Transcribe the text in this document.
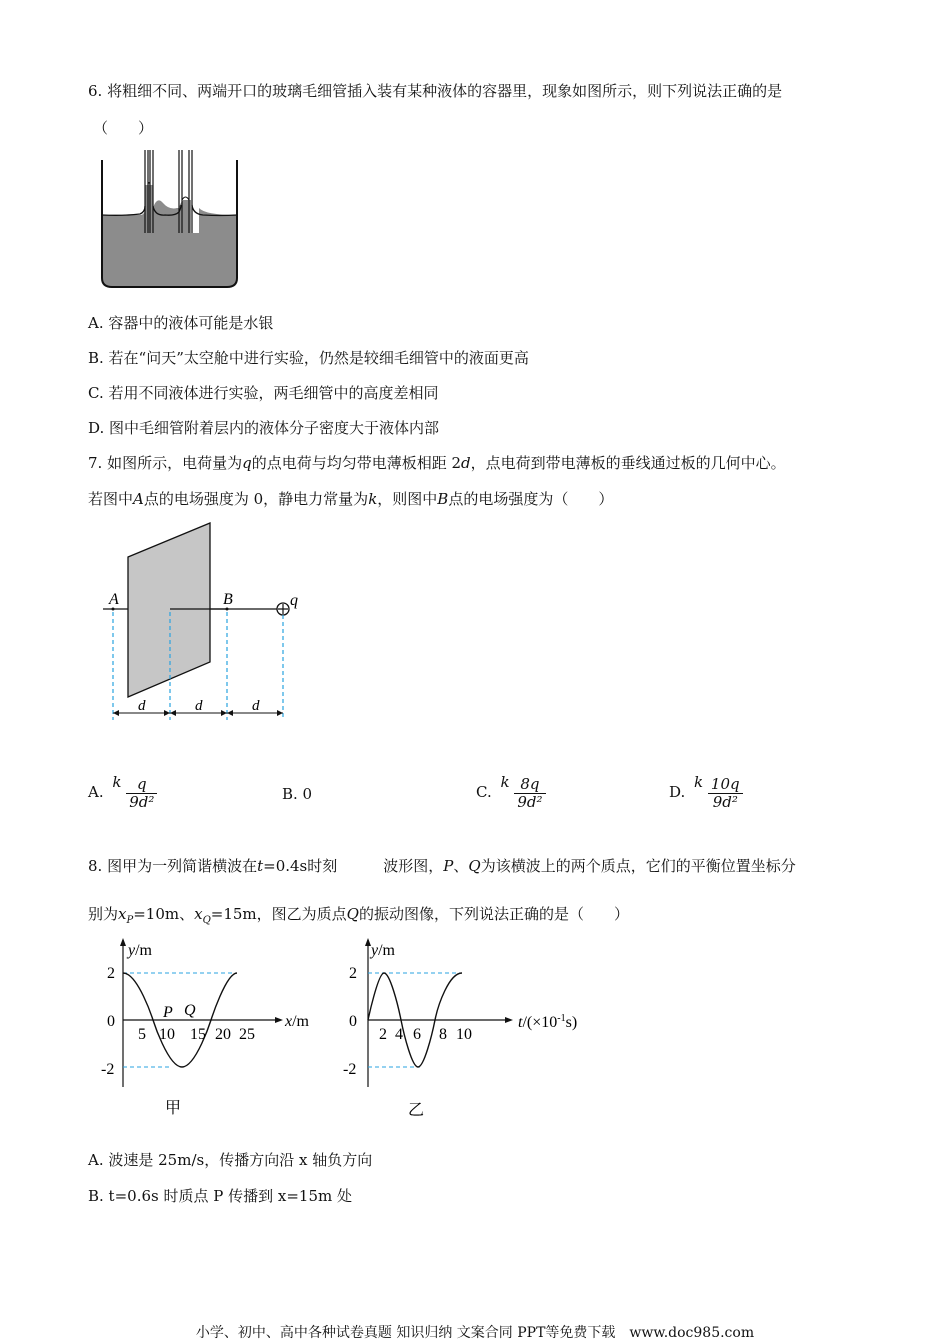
6. 将粗细不同、两端开口的玻璃毛细管插入装有某种液体的容器里，现象如图所示，则下列说法正确的是
（　　）
A. 容器中的液体可能是水银
B. 若在“问天”太空舱中进行实验，仍然是较细毛细管中的液面更高
C. 若用不同液体进行实验，两毛细管中的高度差相同
D. 图中毛细管附着层内的液体分子密度大于液体内部
7. 如图所示，电荷量为q的点电荷与均匀带电薄板相距 2d，点电荷到带电薄板的垂线通过板的几何中心。
若图中A点的电场强度为 0，静电力常量为k，则图中B点的电场强度为（　　）
A	B	q
d	d	d
A. k $\frac{q}{\text{9d²}}$	B. 0	C. k $\frac{8q}{\text{9d²}}$	D. k $\frac{10q}{\text{9d²}}$
8. 图甲为一列简谐横波在t=0.4s时刻	波形图，P、Q为该横波上的两个质点，它们的平衡位置坐标分
别为$x_P=10m$、$x_Q=15m$，图乙为质点Q的振动图像，下列说法正确的是（　　）
y/m
x/m
2
0
-2
5 10 15 20 25
P Q
甲
y/m
$t/(\times 10^{-1}s)$
2
0
-2
2 4 6 8 10
乙
A. 波速是 25m/s，传播方向沿 x 轴负方向
B. t=0.6s 时质点 P 传播到 x=15m 处
小学、初中、高中各种试卷真题 知识归纳 文案合同 PPT等免费下载　www.doc985.com
